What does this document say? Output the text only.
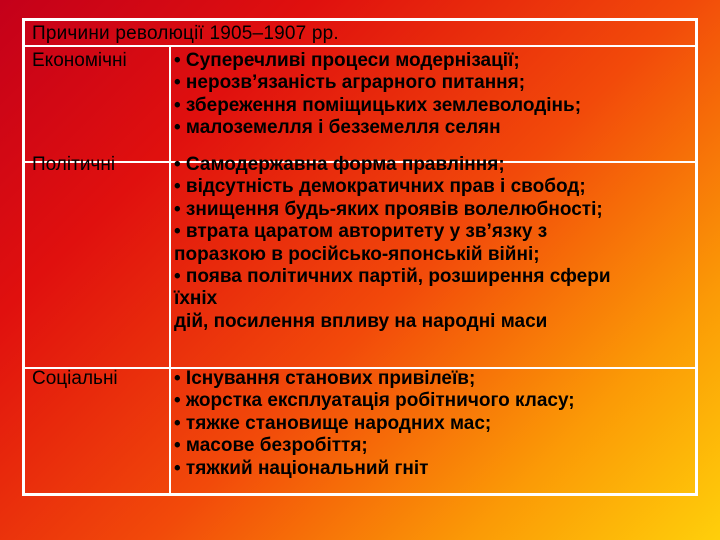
Причини революції 1905–1907 рр.
Економічні • Суперечливі процеси модернізації;
• нерозв’язаність аграрного питання;
• збереження поміщицьких землеволодінь;
• малоземелля і безземелля селян
Політичні	• Самодержавна форма правління;
• відсутність демократичних прав і свобод;
• знищення будь-яких проявів волелюбності;
• втрата царатом авторитету у зв’язку з
поразкою в російсько-японській війні;
• поява політичних партій, розширення сфери
їхніх
дій, посилення впливу на народні маси
Соціальні	• Існування станових привілеїв;
• жорстка експлуатація робітничого класу;
• тяжке становище народних мас;
• масове безробіття;
• тяжкий національний гніт
